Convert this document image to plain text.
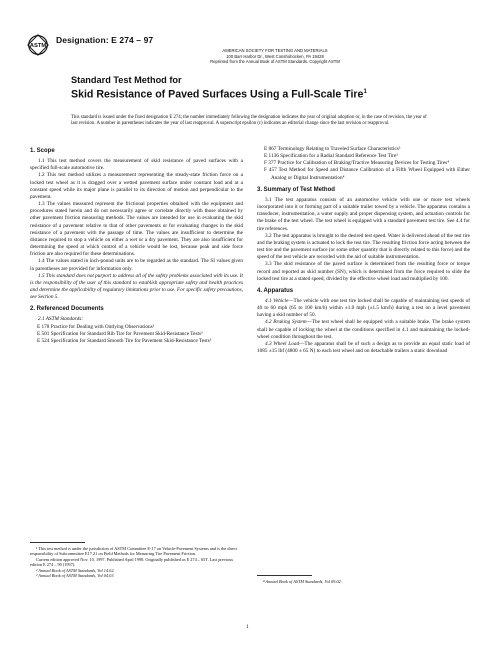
ASTM
Designation: E 274 – 97
AMERICAN SOCIETY FOR TESTING AND MATERIALS
100 Barr Harbor Dr., West Conshohocken, PA 19428
Reprinted from the Annual Book of ASTM Standards. Copyright ASTM
Standard Test Method for
Skid Resistance of Paved Surfaces Using a Full-Scale Tire$^1$
This standard is issued under the fixed designation E 274; the number immediately following the designation indicates the year of original adoption or, in the case of revision, the year of last revision. A number in parentheses indicates the year of last reapproval. A superscript epsilon (ε) indicates an editorial change since the last revision or reapproval.
1. Scope
1.1 This test method covers the measurement of skid resistance of paved surfaces with a specified full-scale automotive tire.
1.2 This test method utilizes a measurement representing the steady-state friction force on a locked test wheel as it is dragged over a wetted pavement surface under constant load and at a constant speed while its major plane is parallel to its direction of motion and perpendicular to the pavement.
1.3 The values measured represent the frictional properties obtained with the equipment and procedures stated herein and do not necessarily agree or correlate directly with those obtained by other pavement friction measuring methods. The values are intended for use in evaluating the skid resistance of a pavement relative to that of other pavements or for evaluating changes in the skid resistance of a pavement with the passage of time. The values are insufficient to determine the distance required to stop a vehicle on either a wet or a dry pavement. They are also insufficient for determining the speed at which control of a vehicle would be lost, because peak and side force friction are also required for these determinations.
1.4 The values stated in inch-pound units are to be regarded as the standard. The SI values given in parentheses are provided for information only.
1.5 This standard does not purport to address all of the safety problems associated with its use. It is the responsibility of the user of this standard to establish appropriate safety and health practices and determine the applicability of regulatory limitations prior to use. For specific safety precautions, see Section 5.
2. Referenced Documents
2.1 ASTM Standards:
E 178 Practice for Dealing with Outlying Observations²
E 501 Specification for Standard Rib Tire for Pavement Skid-Resistance Tests³
E 524 Specification for Standard Smooth Tire for Pavement Skid-Resistance Tests³

¹ This test method is under the jurisdiction of ASTM Committee E-17 on Vehicle-Pavement Systems and is the direct responsibility of Subcommittee E17.21 on Field Methods for Measuring Tire Pavement Friction.

Current edition approved Nov. 10, 1997. Published April 1998. Originally published as E 274 – 65T. Last previous edition E 274 – 90 (1997).

² Annual Book of ASTM Standards, Vol 14.02.

³ Annual Book of ASTM Standards, Vol 04.03.

E 867 Terminology Relating to Traveled Surface Characteristics³
E 1136 Specification for a Radial Standard Reference Test Tire³
F 377 Practice for Calibration of Braking/Tractive Measuring Devices for Testing Tires⁴
F 457 Test Method for Speed and Distance Calibration of a Fifth Wheel Equipped with Either Analog or Digital Instrumentation⁴
3. Summary of Test Method
3.1 The test apparatus consists of an automotive vehicle with one or more test wheels incorporated into it or forming part of a suitable trailer towed by a vehicle. The apparatus contains a transducer, instrumentation, a water supply and proper dispensing system, and actuation controls for the brake of the test wheel. The test wheel is equipped with a standard pavement test tire. See 4.4 for tire references.
3.2 The test apparatus is brought to the desired test speed. Water is delivered ahead of the test tire and the braking system is actuated to lock the test tire. The resulting friction force acting between the test tire and the pavement surface (or some other quantity that is directly related to this force) and the speed of the test vehicle are recorded with the aid of suitable instrumentation.
3.3 The skid resistance of the paved surface is determined from the resulting force or torque record and reported as skid number (SN), which is determined from the force required to slide the locked test tire at a stated speed, divided by the effective wheel load and multiplied by 100.
4. Apparatus
4.1 Vehicle—The vehicle with one test tire locked shall be capable of maintaining test speeds of 40 to 60 mph (65 to 100 km/h) within ±1.0 mph (±1.5 km/h) during a test on a level pavement having a skid number of 50.
4.2 Braking System—The test wheel shall be equipped with a suitable brake. The brake system shall be capable of locking the wheel at the conditions specified in 4.1 and maintaining the locked-wheel condition throughout the test.
4.3 Wheel Load—The apparatus shall be of such a design as to provide an equal static load of 1085 ±15 lbf (4800 ± 65 N) to each test wheel and on detachable trailers a static download

⁴ Annual Book of ASTM Standards, Vol 09.02.

1
